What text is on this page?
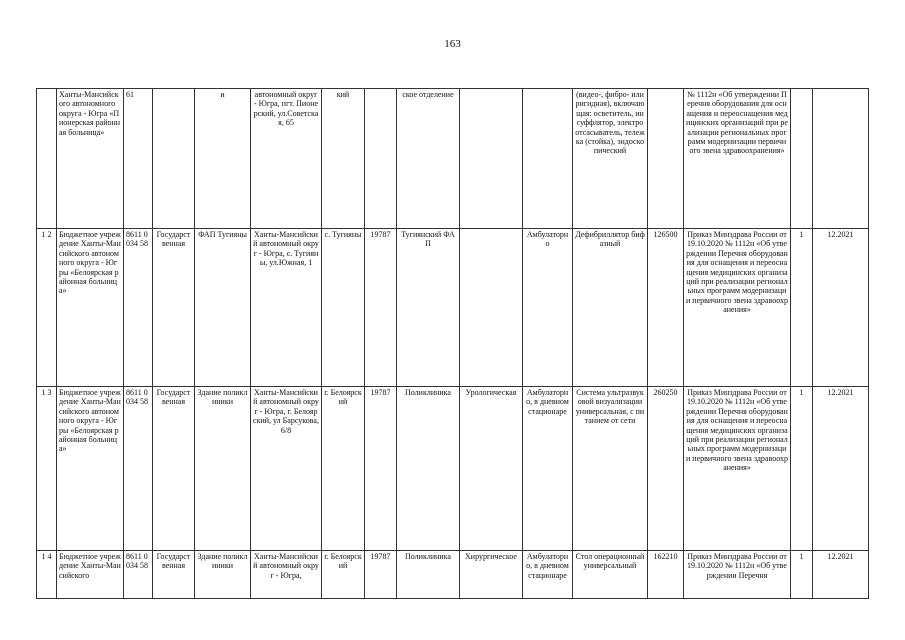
163
	Ханты-Мансийского автономного округа - Югра «Пионерская районная больница»	61		и	автономный округ - Югра, пгт. Пионерский, ул.Советская, 65	кий		ское отделение			(видео-, фибро- или ригидная), включающая: осветитель, инсуффлятор, электроотсасыватель, тележка (стойка), эндоскопический		№ 1112н «Об утверждении Перечня оборудования для оснащения и переоснащения медицинских организаций при реализации региональных программ модернизации первичного звена здравоохранения»		
1 2	Бюджетное учреждение Ханты-Мансийского автономного округа - Югры «Белоярская районная больница»	8611 0034 58	Государственная	ФАП Тугияны	Ханты-Мансийский автономный округ - Югра, с. Тугияны, ул.Южная, 1	с. Тугияны	19787	Тугиянский ФАП		Амбулаторно	Дефибриллятор бифазный	126500	Приказ Минздрава России от 19.10.2020 № 1112н «Об утверждении Перечня оборудования для оснащения и переоснащения медицинских организаций при реализации региональных программ модернизации первичного звена здравоохранения»	1	12.2021
1 3	Бюджетное учреждение Ханты-Мансийского автономного округа - Югры «Белоярская районная больница»	8611 0034 58	Государственная	Здание поликлиники	Ханты-Мансийский автономный округ - Югра, г. Белоярский, ул Барсукова, 6/8	г. Белоярский	19787	Поликлиника	Урологическая	Амбулаторно, в дневном стационаре	Система ультразвуковой визуализации универсальная, с питанием от сети	260250	Приказ Минздрава России от 19.10.2020 № 1112н «Об утверждении Перечня оборудования для оснащения и переоснащения медицинских организаций при реализации региональных программ модернизации первичного звена здравоохранения»	1	12.2021
1 4	Бюджетное учреждение Ханты-Мансийского	8611 0034 58	Государственная	Здание поликлиники	Ханты-Мансийский автономный округ - Югра,	г. Белоярский	19787	Поликлиника	Хирургическое	Амбулаторно, в дневном стационаре	Стол операционный универсальный	162210	Приказ Минздрава России от 19.10.2020 № 1112н «Об утверждении Перечня	1	12.2021
